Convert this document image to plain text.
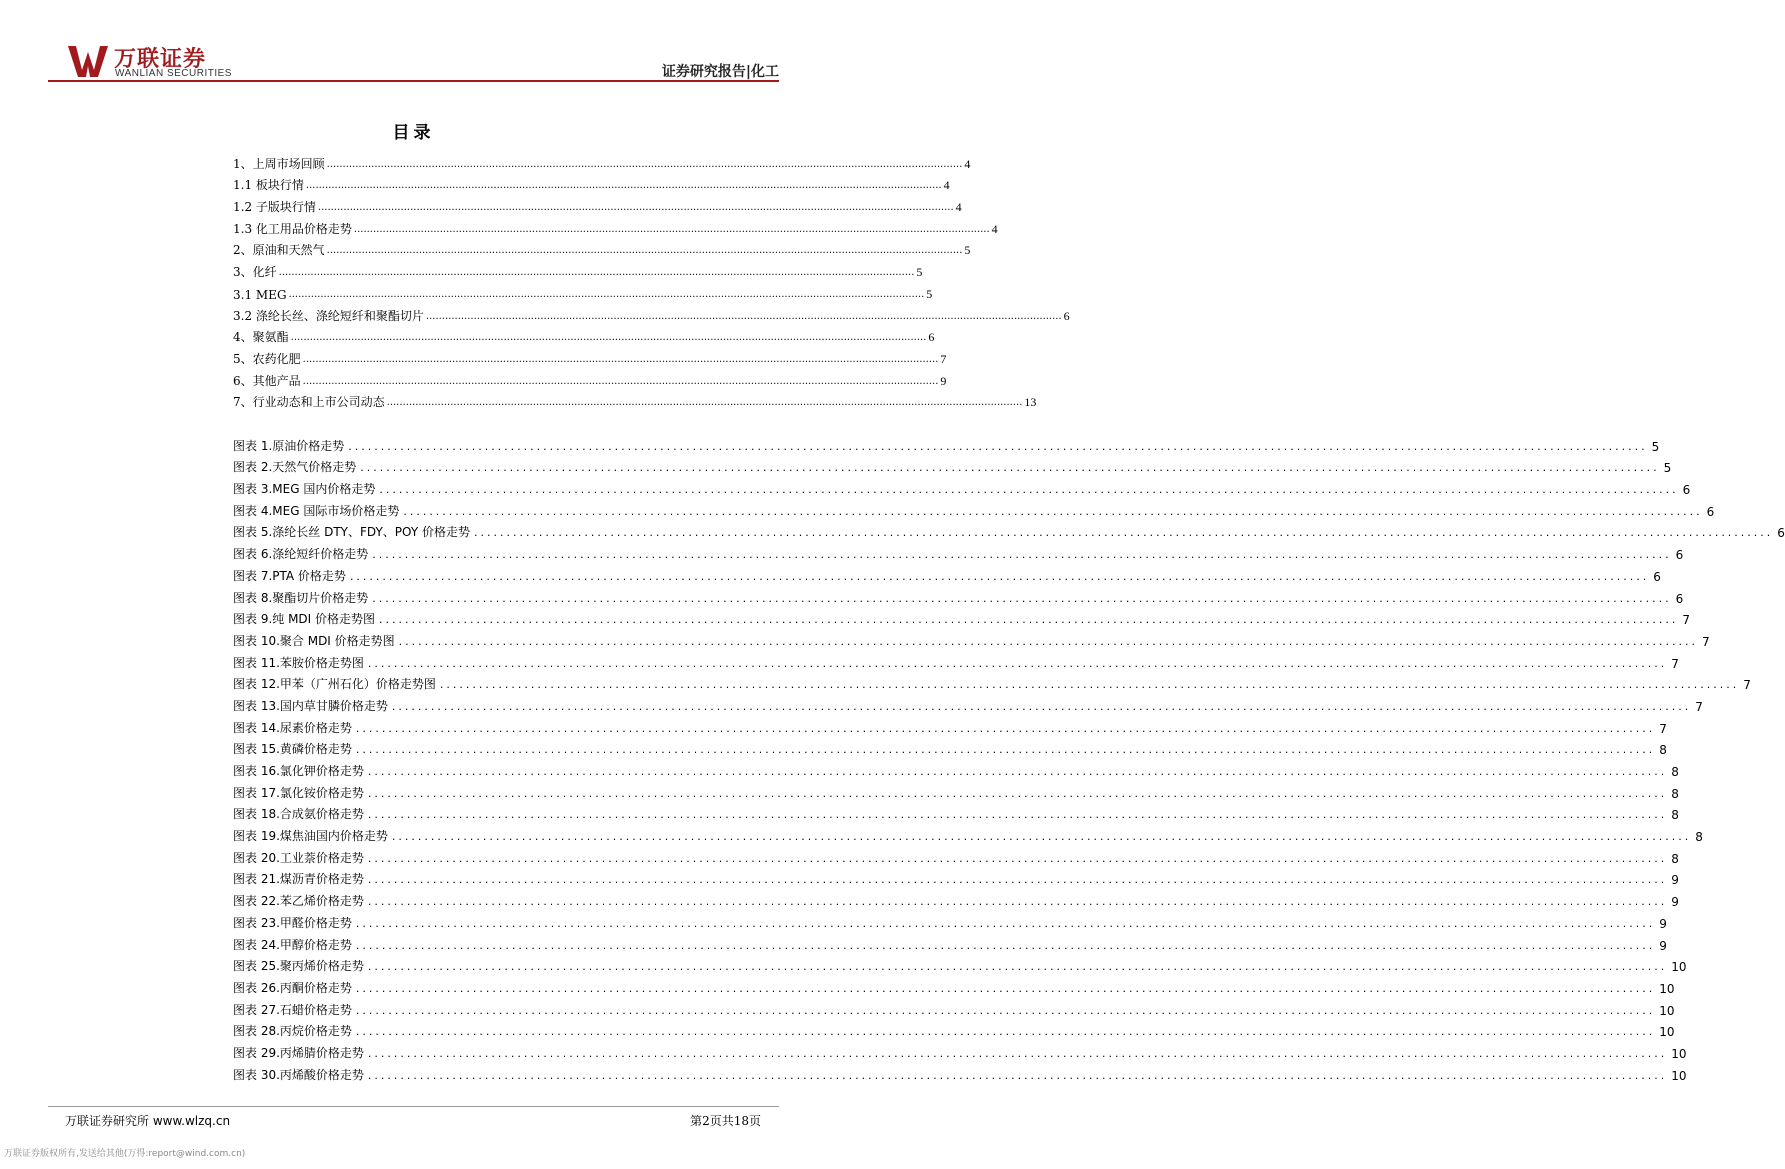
万联证券
WANLIAN SECURITIES	证券研究报告|化工
目录
1、上周市场回顾 ........................................................................................................................................................................................................ 4
1.1 板块行情 ........................................................................................................................................................................................................ 4
1.2 子版块行情 ........................................................................................................................................................................................................ 4
1.3 化工用品价格走势 ........................................................................................................................................................................................................ 4
2、原油和天然气 ........................................................................................................................................................................................................ 5
3、化纤 ........................................................................................................................................................................................................ 5
3.1 MEG ........................................................................................................................................................................................................ 5
3.2 涤纶长丝、涤纶短纤和聚酯切片 ........................................................................................................................................................................................................ 6
4、聚氨酯 ........................................................................................................................................................................................................ 6
5、农药化肥 ........................................................................................................................................................................................................ 7
6、其他产品 ........................................................................................................................................................................................................ 9
7、行业动态和上市公司动态 ........................................................................................................................................................................................................ 13
图表 1.原油价格走势 ........................................................................................................................................................................................................ 5
图表 2.天然气价格走势 ........................................................................................................................................................................................................ 5
图表 3.MEG 国内价格走势 ........................................................................................................................................................................................................ 6
图表 4.MEG 国际市场价格走势 ........................................................................................................................................................................................................ 6
图表 5.涤纶长丝 DTY、FDY、POY 价格走势 ........................................................................................................................................................................................................ 6
图表 6.涤纶短纤价格走势 ........................................................................................................................................................................................................ 6
图表 7.PTA 价格走势 ........................................................................................................................................................................................................ 6
图表 8.聚酯切片价格走势 ........................................................................................................................................................................................................ 6
图表 9.纯 MDI 价格走势图 ........................................................................................................................................................................................................ 7
图表 10.聚合 MDI 价格走势图 ........................................................................................................................................................................................................ 7
图表 11.苯胺价格走势图 ........................................................................................................................................................................................................ 7
图表 12.甲苯（广州石化）价格走势图 ........................................................................................................................................................................................................ 7
图表 13.国内草甘膦价格走势 ........................................................................................................................................................................................................ 7
图表 14.尿素价格走势 ........................................................................................................................................................................................................ 7
图表 15.黄磷价格走势 ........................................................................................................................................................................................................ 8
图表 16.氯化钾价格走势 ........................................................................................................................................................................................................ 8
图表 17.氯化铵价格走势 ........................................................................................................................................................................................................ 8
图表 18.合成氨价格走势 ........................................................................................................................................................................................................ 8
图表 19.煤焦油国内价格走势 ........................................................................................................................................................................................................ 8
图表 20.工业萘价格走势 ........................................................................................................................................................................................................ 8
图表 21.煤沥青价格走势 ........................................................................................................................................................................................................ 9
图表 22.苯乙烯价格走势 ........................................................................................................................................................................................................ 9
图表 23.甲醛价格走势 ........................................................................................................................................................................................................ 9
图表 24.甲醇价格走势 ........................................................................................................................................................................................................ 9
图表 25.聚丙烯价格走势 ........................................................................................................................................................................................................ 10
图表 26.丙酮价格走势 ........................................................................................................................................................................................................ 10
图表 27.石蜡价格走势 ........................................................................................................................................................................................................ 10
图表 28.丙烷价格走势 ........................................................................................................................................................................................................ 10
图表 29.丙烯腈价格走势 ........................................................................................................................................................................................................ 10
图表 30.丙烯酸价格走势 ........................................................................................................................................................................................................ 10
万联证券研究所 www.wlzq.cn	第2页共18页
万联证券版权所有,发送给其他(万得:report@wind.com.cn)
